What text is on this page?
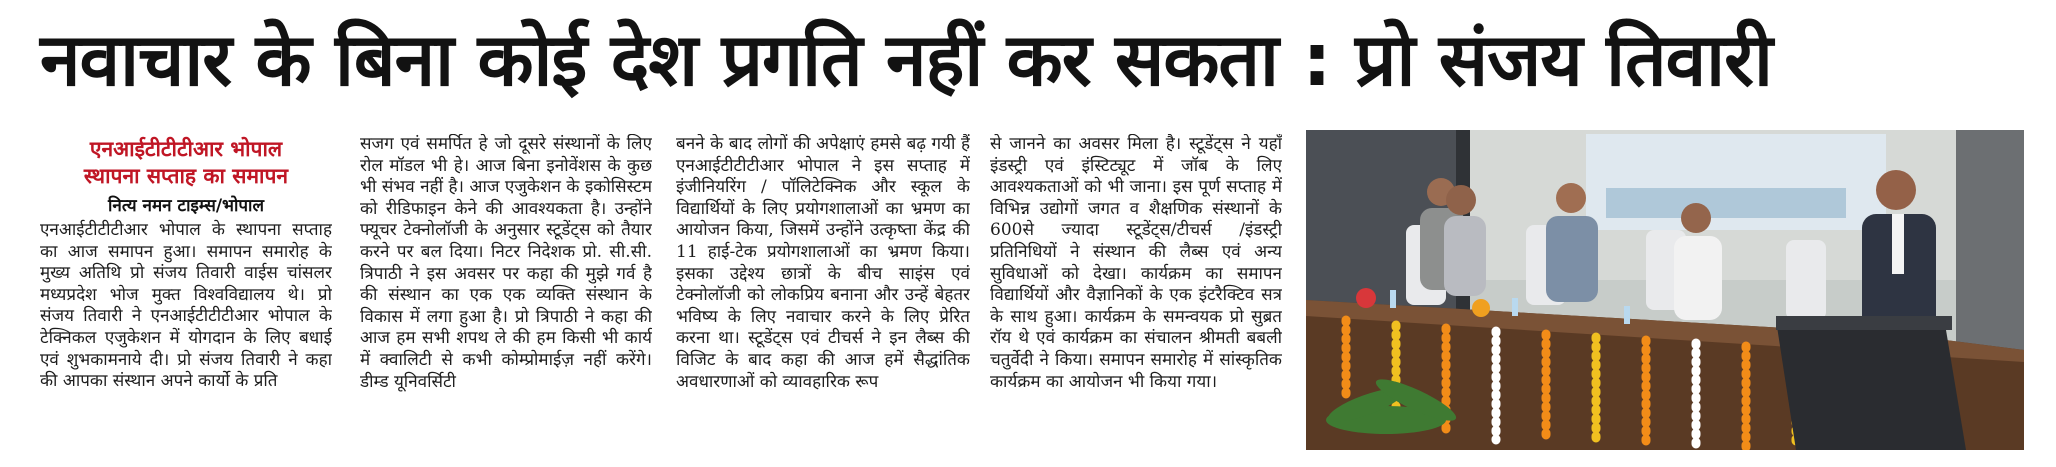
नवाचार के बिना कोई देश प्रगति नहीं कर सकता : प्रो संजय तिवारी
एनआईटीटीटीआर भोपाल
स्थापना सप्ताह का समापन
नित्य नमन टाइम्स/भोपाल
एनआईटीटीटीआर भोपाल के स्थापना सप्ताह का आज समापन हुआ। समापन समारोह के मुख्य अतिथि प्रो संजय तिवारी वाईस चांसलर मध्यप्रदेश भोज मुक्त विश्वविद्यालय थे। प्रो संजय तिवारी ने एनआईटीटीटीआर भोपाल के टेक्निकल एजुकेशन में योगदान के लिए बधाई एवं शुभकामनाये दी। प्रो संजय तिवारी ने कहा की आपका संस्थान अपने कार्यो के प्रति
सजग एवं समर्पित हे जो दूसरे संस्थानों के लिए रोल मॉडल भी हे। आज बिना इनोवेंशस के कुछ भी संभव नहीं है। आज एजुकेशन के इकोसिस्टम को रीडिफाइन केने की आवश्यकता है। उन्होंने फ्यूचर टेक्नोलॉजी के अनुसार स्टूडेंट्स को तैयार करने पर बल दिया। निटर निदेशक प्रो. सी.सी. त्रिपाठी ने इस अवसर पर कहा की मुझे गर्व है की संस्थान का एक एक व्यक्ति संस्थान के विकास में लगा हुआ है। प्रो त्रिपाठी ने कहा की आज हम सभी शपथ ले की हम किसी भी कार्य में क्वालिटी से कभी कोम्प्रोमाईज़ नहीं करेंगे। डीम्ड यूनिवर्सिटी
बनने के बाद लोगों की अपेक्षाएं हमसे बढ़ गयी हैं एनआईटीटीटीआर भोपाल ने इस सप्ताह में इंजीनियरिंग / पॉलिटेक्निक और स्कूल के विद्यार्थियों के लिए प्रयोगशालाओं का भ्रमण का आयोजन किया, जिसमें उन्होंने उत्कृष्ता केंद्र की 11 हाई-टेक प्रयोगशालाओं का भ्रमण किया। इसका उद्देश्य छात्रों के बीच साइंस एवं टेक्नोलॉजी को लोकप्रिय बनाना और उन्हें बेहतर भविष्य के लिए नवाचार करने के लिए प्रेरित करना था। स्टूडेंट्स एवं टीचर्स ने इन लैब्स की विजिट के बाद कहा की आज हमें सैद्धांतिक अवधारणाओं को व्यावहारिक रूप
से जानने का अवसर मिला है। स्टूडेंट्स ने यहाँ इंडस्ट्री एवं इंस्टिट्यूट में जॉब के लिए आवश्यकताओं को भी जाना। इस पूर्ण सप्ताह में विभिन्न उद्योगों जगत व शैक्षणिक संस्थानों के 600से ज्यादा स्टूडेंट्स/टीचर्स /इंडस्ट्री प्रतिनिधियों ने संस्थान की लैब्स एवं अन्य सुविधाओं को देखा। कार्यक्रम का समापन विद्यार्थियों और वैज्ञानिकों के एक इंटरैक्टिव सत्र के साथ हुआ। कार्यक्रम के समन्वयक प्रो सुब्रत रॉय थे एवं कार्यक्रम का संचालन श्रीमती बबली चतुर्वेदी ने किया। समापन समारोह में सांस्कृतिक कार्यक्रम का आयोजन भी किया गया।
